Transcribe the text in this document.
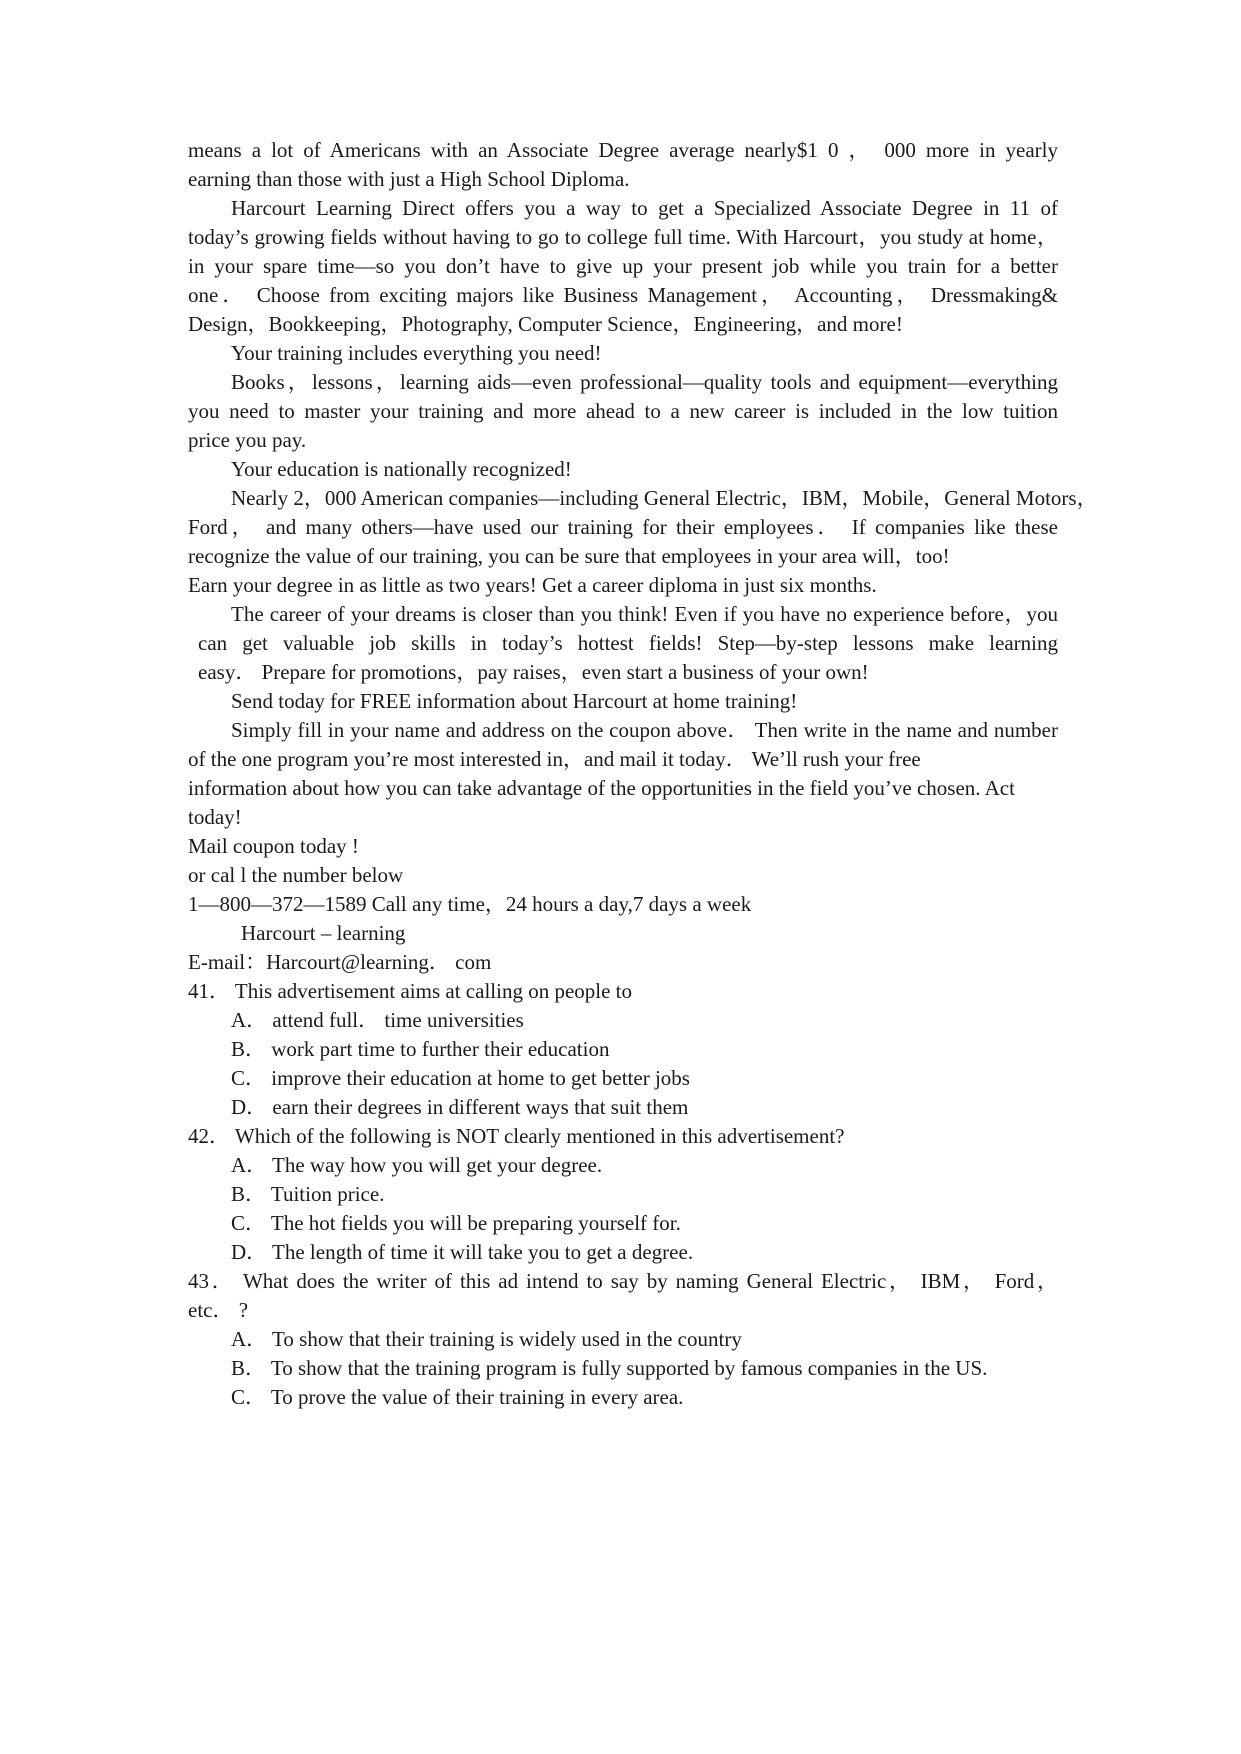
means a lot of Americans with an Associate Degree average nearly$1 0 ， 000 more in yearly
earning than those with just a High School Diploma.
Harcourt Learning Direct offers you a way to get a Specialized Associate Degree in 11 of
today’s growing fields without having to go to college full time. With Harcourt，you study at home，
in your spare time—so you don’t have to give up your present job while you train for a better
one． Choose from exciting majors like Business Management， Accounting， Dressmaking&
Design，Bookkeeping，Photography, Computer Science，Engineering，and more!
Your training includes everything you need!
Books，lessons，learning aids—even professional—quality tools and equipment—everything
you need to master your training and more ahead to a new career is included in the low tuition
price you pay.
Your education is nationally recognized!
Nearly 2，000 American companies—including General Electric，IBM，Mobile，General Motors，
Ford， and many others—have used our training for their employees． If companies like these
recognize the value of our training, you can be sure that employees in your area will，too!
Earn your degree in as little as two years! Get a career diploma in just six months.
The career of your dreams is closer than you think! Even if you have no experience before，you
can get valuable job skills in today’s hottest fields! Step—by-step lessons make learning
easy． Prepare for promotions，pay raises，even start a business of your own!
Send today for FREE information about Harcourt at home training!
Simply fill in your name and address on the coupon above． Then write in the name and number
of the one program you’re most interested in，and mail it today． We’ll rush your free
information about how you can take advantage of the opportunities in the field you’ve chosen. Act
today!
Mail coupon today !
or cal l the number below
1—800—372—1589 Call any time，24 hours a day,7 days a week
Harcourt – learning
E-mail：Harcourt@learning． com
41． This advertisement aims at calling on people to
A． attend full． time universities
B． work part time to further their education
C． improve their education at home to get better jobs
D． earn their degrees in different ways that suit them
42． Which of the following is NOT clearly mentioned in this advertisement?
A． The way how you will get your degree.
B． Tuition price.
C． The hot fields you will be preparing yourself for.
D． The length of time it will take you to get a degree.
43． What does the writer of this ad intend to say by naming General Electric， IBM， Ford，
etc． ?
A． To show that their training is widely used in the country
B． To show that the training program is fully supported by famous companies in the US.
C． To prove the value of their training in every area.
